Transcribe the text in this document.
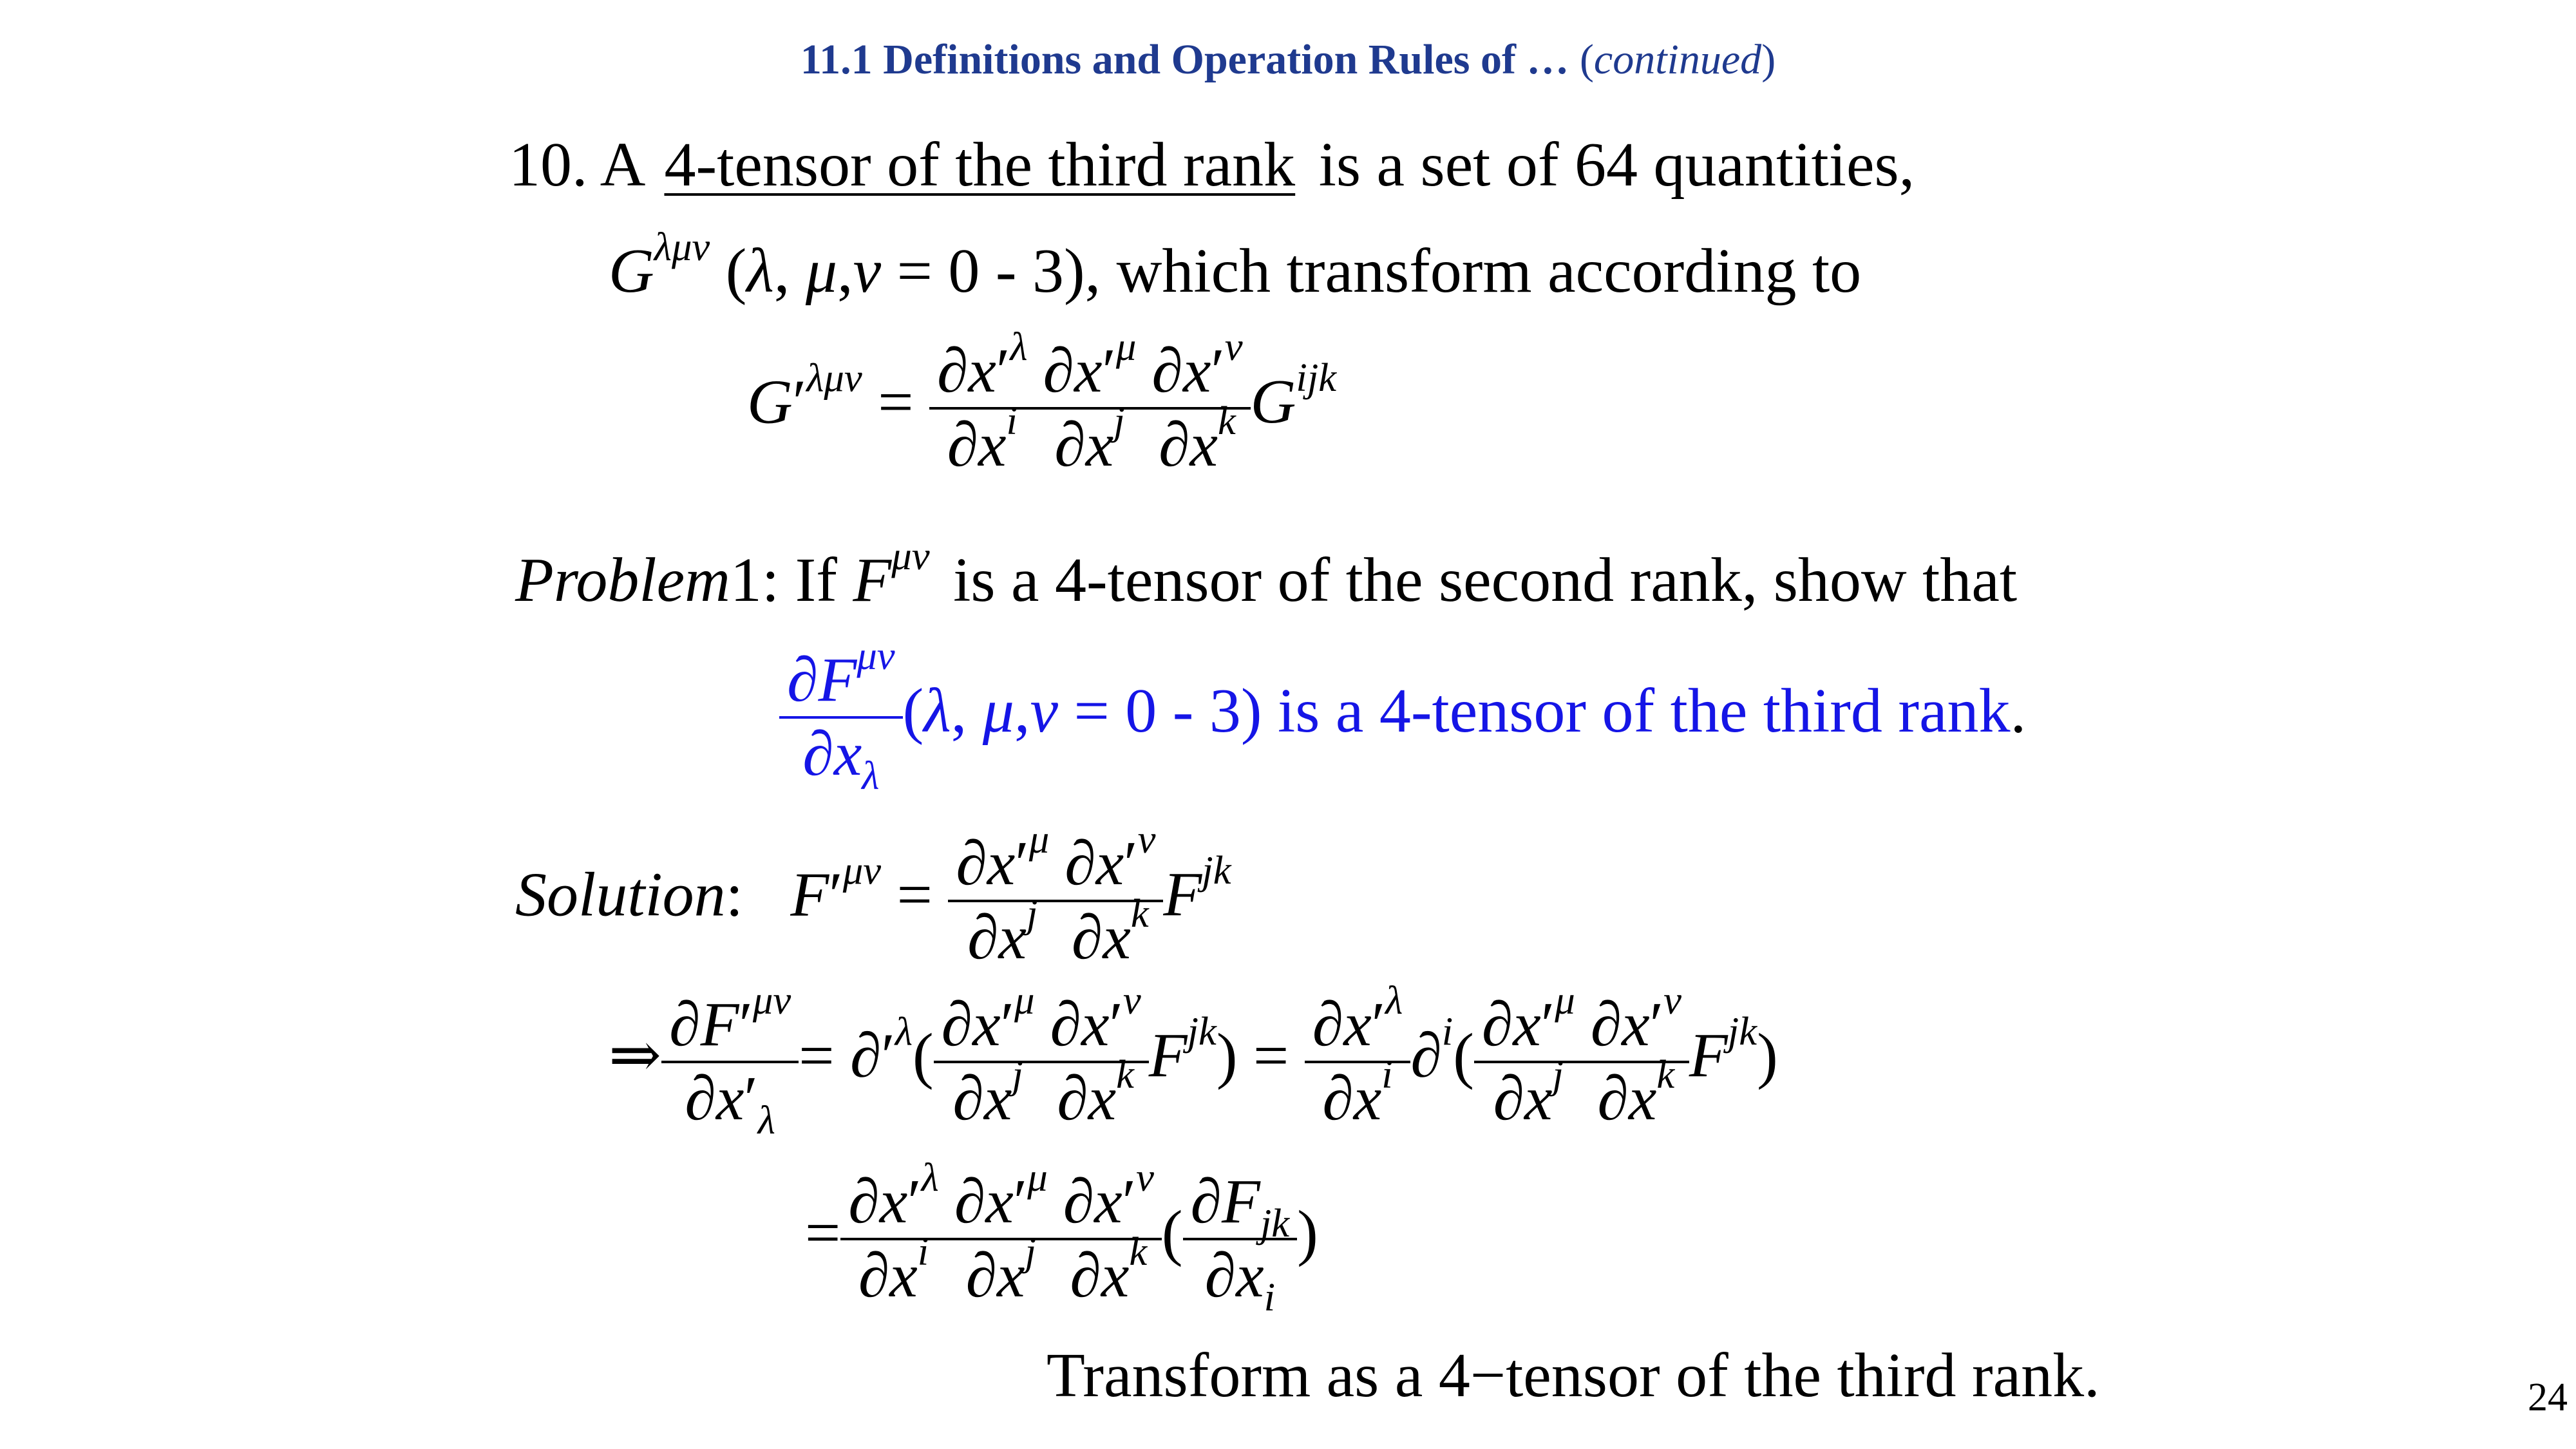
11.1 Definitions and Operation Rules of … (continued)
10. A 4-tensor of the third rank is a set of 64 quantities,
$G^{\lambda\mu\nu}$ (λ, μ,ν = 0 - 3), which transform according to
$G'^{\lambda\mu\nu} = \frac{\partial x'^\lambda}{\partial x^i} \frac{\partial x'^\mu}{\partial x^j} \frac{\partial x'^\nu}{\partial x^k} G^{ijk}$
Problem1: If $F^{\mu\nu}$ is a 4-tensor of the second rank, show that
$\partial F^{\mu\nu}$
$\partial x_\lambda$
(λ, μ,ν = 0 - 3) is a 4-tensor of the third rank.
Solution:   $F'^{\mu\nu} = \frac{\partial x'^\mu}{\partial x^j} \frac{\partial x'^\nu}{\partial x^k} F^{jk}$
⇒ $\frac{\partial F'^{\mu\nu}}{\partial x'_\lambda} = \partial'^\lambda( \frac{\partial x'^\mu}{\partial x^j} \frac{\partial x'^\nu}{\partial x^k} F^{jk}) = \frac{\partial x'^\lambda}{\partial x^i} \partial^i( \frac{\partial x'^\mu}{\partial x^j} \frac{\partial x'^\nu}{\partial x^k} F^{jk})$
= $\frac{\partial x'^\lambda}{\partial x^i} \frac{\partial x'^\mu}{\partial x^j} \frac{\partial x'^\nu}{\partial x^k}$ ( $\partial F_{jk}$
$\partial x_i$
)
Transform as a 4−tensor of the third rank.	24
